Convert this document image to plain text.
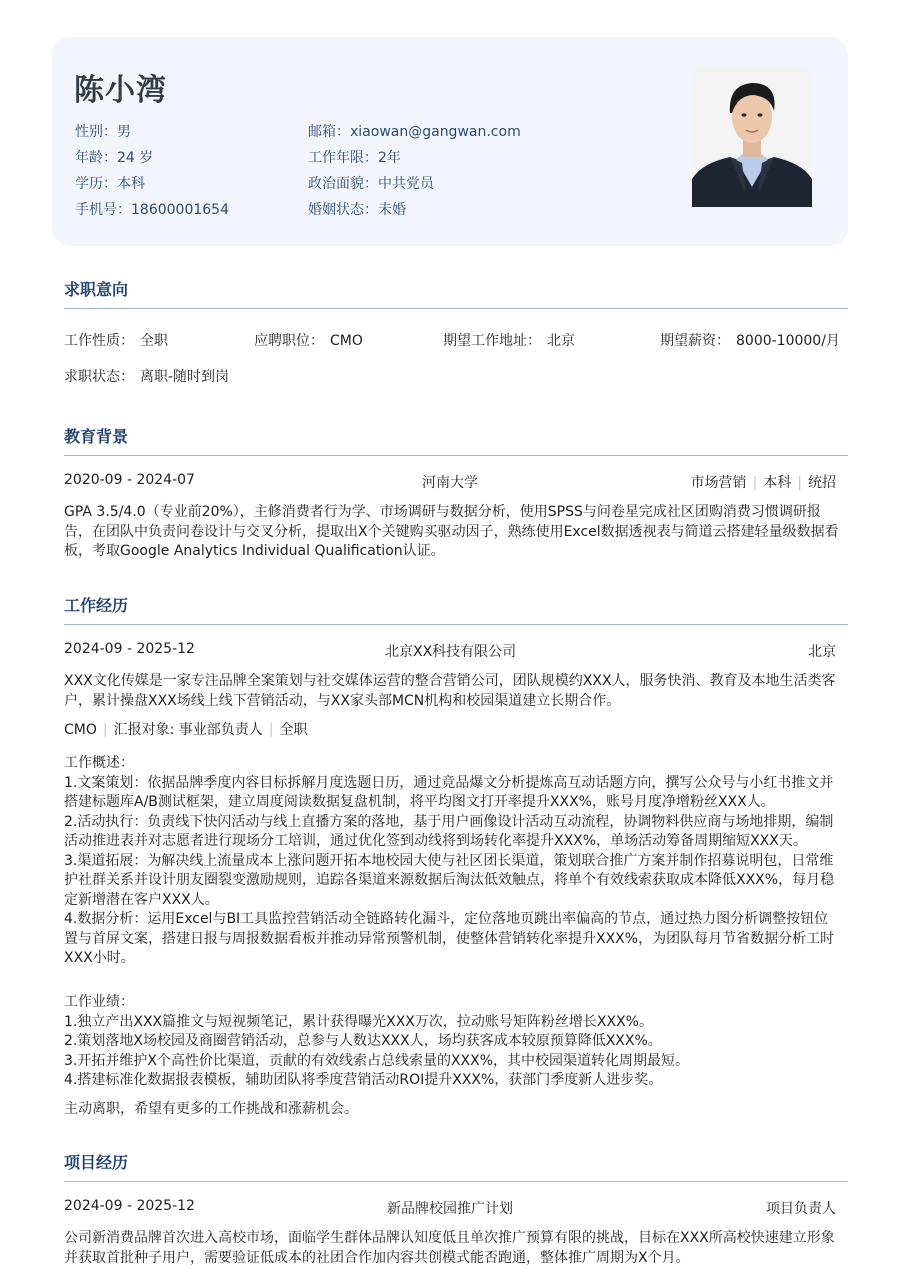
陈小湾
性别：男
年龄：24 岁
学历：本科
手机号：18600001654
邮箱：xiaowan@gangwan.com
工作年限：2年
政治面貌：中共党员
婚姻状态：未婚
求职意向
工作性质： 全职	应聘职位： CMO	期望工作地址： 北京	期望薪资： 8000-10000/月
求职状态： 离职-随时到岗
教育背景
2020-09 - 2024-07	河南大学	市场营销 | 本科 | 统招
GPA 3.5/4.0（专业前20%），主修消费者行为学、市场调研与数据分析，使用SPSS与问卷星完成社区团购消费习惯调研报告，在团队中负责问卷设计与交叉分析，提取出X个关键购买驱动因子，熟练使用Excel数据透视表与简道云搭建轻量级数据看板，考取Google Analytics Individual Qualification认证。
工作经历
2024-09 - 2025-12	北京XX科技有限公司	北京
XXX文化传媒是一家专注品牌全案策划与社交媒体运营的整合营销公司，团队规模约XXX人，服务快消、教育及本地生活类客户，累计操盘XXX场线上线下营销活动，与XX家头部MCN机构和校园渠道建立长期合作。
CMO | 汇报对象: 事业部负责人 | 全职
工作概述：
1.文案策划：依据品牌季度内容目标拆解月度选题日历，通过竞品爆文分析提炼高互动话题方向，撰写公众号与小红书推文并搭建标题库A/B测试框架，建立周度阅读数据复盘机制，将平均图文打开率提升XXX%，账号月度净增粉丝XXX人。
2.活动执行：负责线下快闪活动与线上直播方案的落地，基于用户画像设计活动互动流程，协调物料供应商与场地排期，编制活动推进表并对志愿者进行现场分工培训，通过优化签到动线将到场转化率提升XXX%，单场活动筹备周期缩短XXX天。
3.渠道拓展：为解决线上流量成本上涨问题开拓本地校园大使与社区团长渠道，策划联合推广方案并制作招募说明包，日常维护社群关系并设计朋友圈裂变激励规则，追踪各渠道来源数据后淘汰低效触点，将单个有效线索获取成本降低XXX%，每月稳定新增潜在客户XXX人。
4.数据分析：运用Excel与BI工具监控营销活动全链路转化漏斗，定位落地页跳出率偏高的节点，通过热力图分析调整按钮位置与首屏文案，搭建日报与周报数据看板并推动异常预警机制，使整体营销转化率提升XXX%，为团队每月节省数据分析工时XXX小时。
工作业绩：
1.独立产出XXX篇推文与短视频笔记，累计获得曝光XXX万次，拉动账号矩阵粉丝增长XXX%。
2.策划落地X场校园及商圈营销活动，总参与人数达XXX人，场均获客成本较原预算降低XXX%。
3.开拓并维护X个高性价比渠道，贡献的有效线索占总线索量的XXX%，其中校园渠道转化周期最短。
4.搭建标准化数据报表模板，辅助团队将季度营销活动ROI提升XXX%，获部门季度新人进步奖。
主动离职，希望有更多的工作挑战和涨薪机会。
项目经历
2024-09 - 2025-12	新品牌校园推广计划	项目负责人
公司新消费品牌首次进入高校市场，面临学生群体品牌认知度低且单次推广预算有限的挑战，目标在XXX所高校快速建立形象并获取首批种子用户，需要验证低成本的社团合作加内容共创模式能否跑通，整体推广周期为X个月。
